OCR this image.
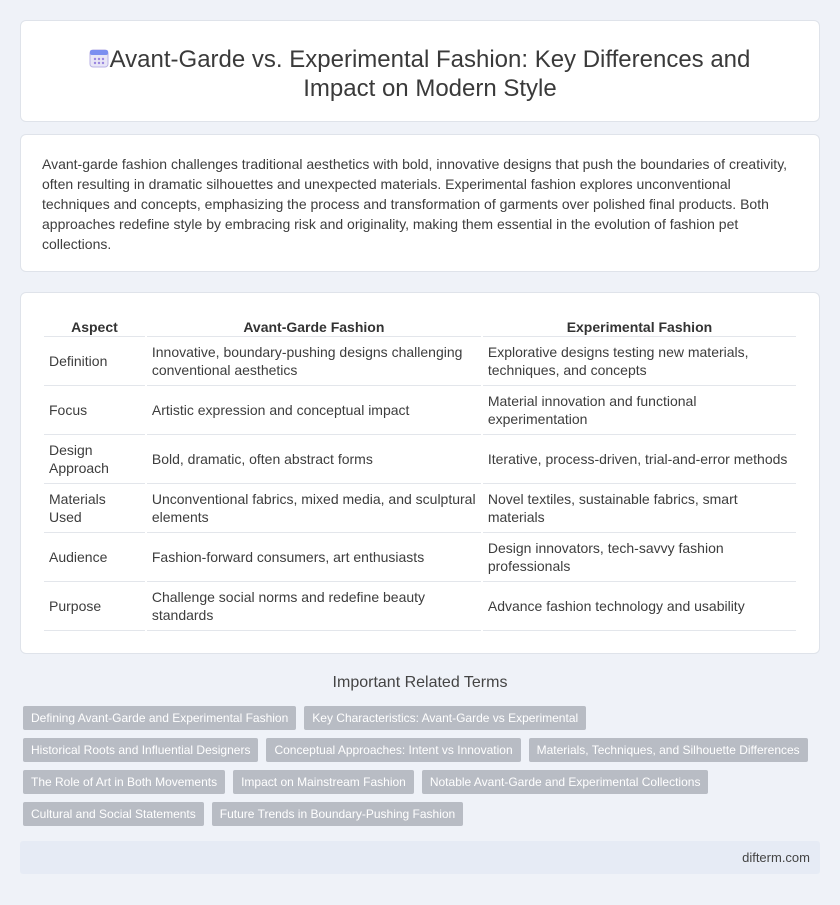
Avant-Garde vs. Experimental Fashion: Key Differences and Impact on Modern Style

Avant-garde fashion challenges traditional aesthetics with bold, innovative designs that push the boundaries of creativity, often resulting in dramatic silhouettes and unexpected materials. Experimental fashion explores unconventional techniques and concepts, emphasizing the process and transformation of garments over polished final products. Both approaches redefine style by embracing risk and originality, making them essential in the evolution of fashion pet collections.

Aspect	Avant-Garde Fashion	Experimental Fashion
Definition	Innovative, boundary-pushing designs challenging conventional aesthetics	Explorative designs testing new materials, techniques, and concepts
Focus	Artistic expression and conceptual impact	Material innovation and functional experimentation
Design Approach	Bold, dramatic, often abstract forms	Iterative, process-driven, trial-and-error methods
Materials Used	Unconventional fabrics, mixed media, and sculptural elements	Novel textiles, sustainable fabrics, smart materials
Audience	Fashion-forward consumers, art enthusiasts	Design innovators, tech-savvy fashion professionals
Purpose	Challenge social norms and redefine beauty standards	Advance fashion technology and usability
Important Related Terms
Defining Avant-Garde and Experimental Fashion	Key Characteristics: Avant-Garde vs Experimental
Historical Roots and Influential Designers	Conceptual Approaches: Intent vs Innovation	Materials, Techniques, and Silhouette Differences
The Role of Art in Both Movements	Impact on Mainstream Fashion	Notable Avant-Garde and Experimental Collections
Cultural and Social Statements	Future Trends in Boundary-Pushing Fashion
difterm.com
